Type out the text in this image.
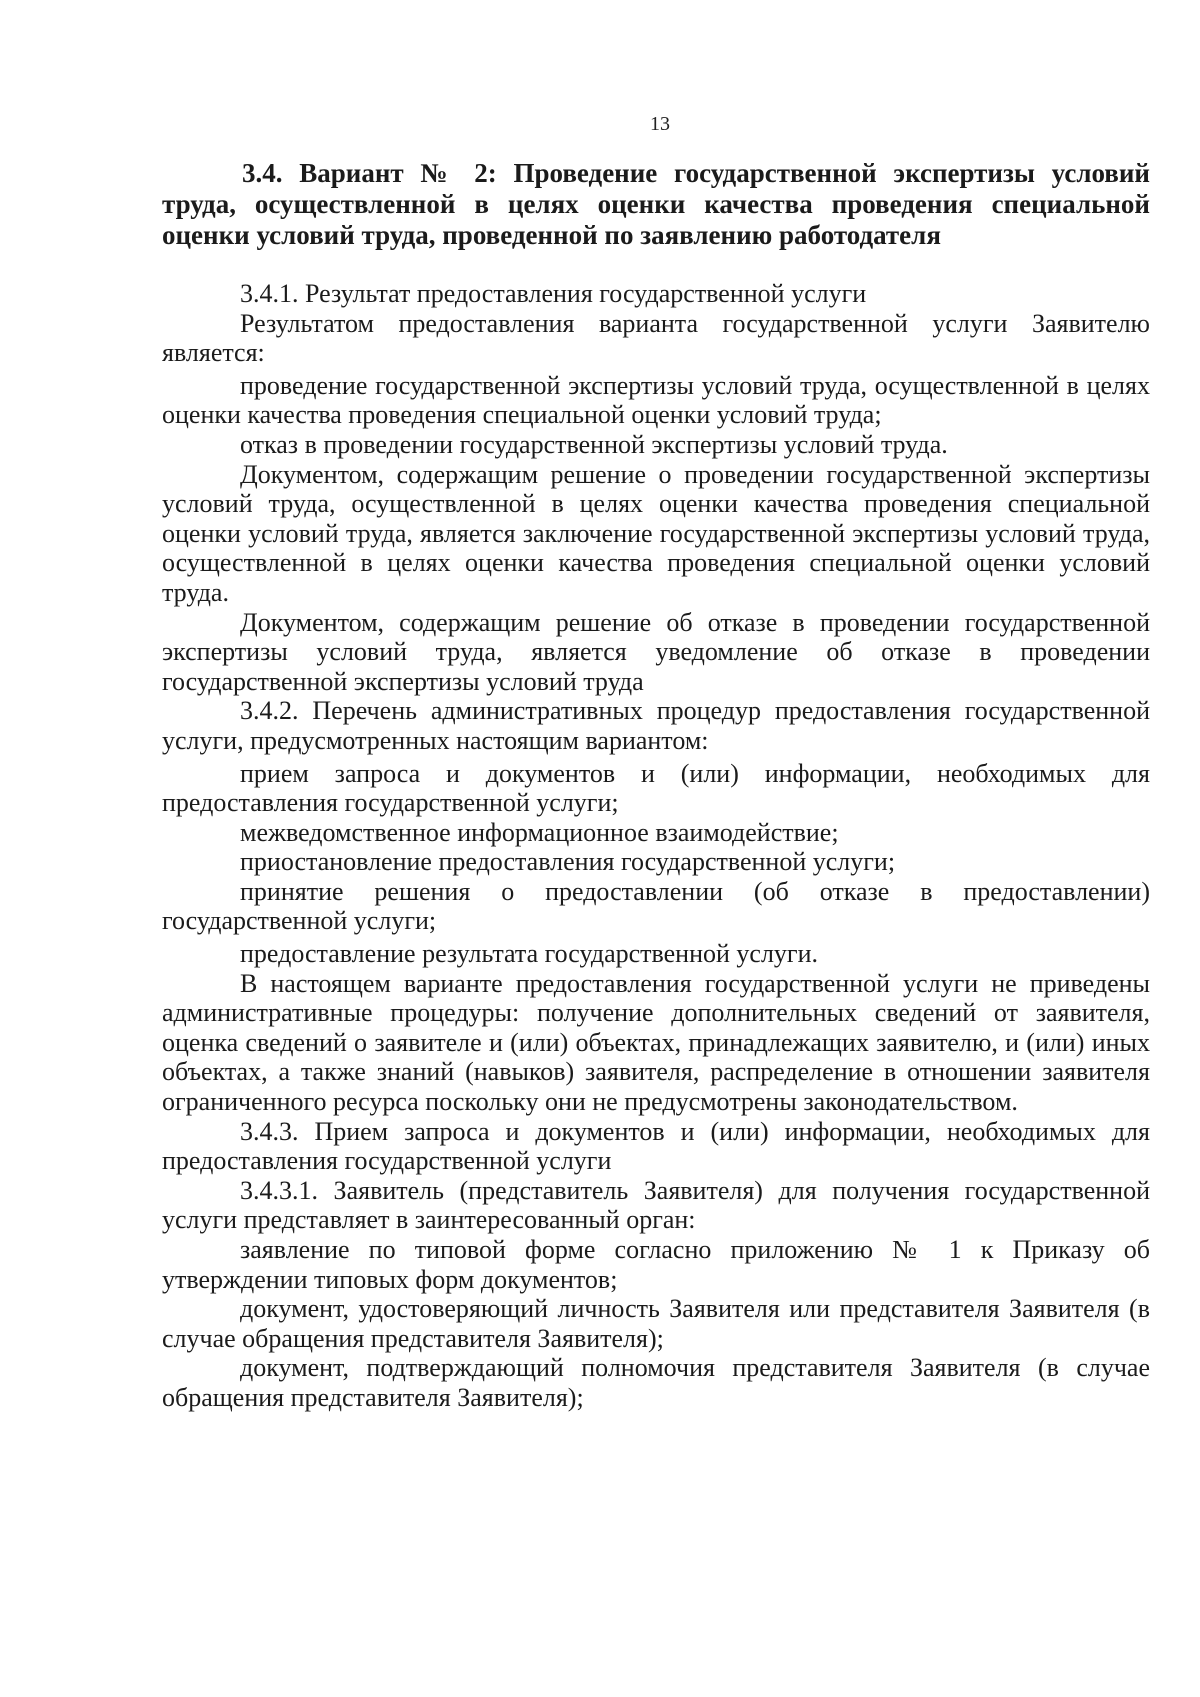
13

3.4. Вариант № 2: Проведение государственной экспертизы условий труда, осуществленной в целях оценки качества проведения специальной оценки условий труда, проведенной по заявлению работодателя

3.4.1. Результат предоставления государственной услуги

Результатом предоставления варианта государственной услуги Заявителю является:

проведение государственной экспертизы условий труда, осуществленной в целях оценки качества проведения специальной оценки условий труда;

отказ в проведении государственной экспертизы условий труда.

Документом, содержащим решение о проведении государственной экспертизы условий труда, осуществленной в целях оценки качества проведения специальной оценки условий труда, является заключение государственной экспертизы условий труда, осуществленной в целях оценки качества проведения специальной оценки условий труда.

Документом, содержащим решение об отказе в проведении государственной экспертизы условий труда, является уведомление об отказе в проведении государственной экспертизы условий труда

3.4.2. Перечень административных процедур предоставления государственной услуги, предусмотренных настоящим вариантом:

прием запроса и документов и (или) информации, необходимых для предоставления государственной услуги;

межведомственное информационное взаимодействие;

приостановление предоставления государственной услуги;

принятие решения о предоставлении (об отказе в предоставлении) государственной услуги;

предоставление результата государственной услуги.

В настоящем варианте предоставления государственной услуги не приведены административные процедуры: получение дополнительных сведений от заявителя, оценка сведений о заявителе и (или) объектах, принадлежащих заявителю, и (или) иных объектах, а также знаний (навыков) заявителя, распределение в отношении заявителя ограниченного ресурса поскольку они не предусмотрены законодательством.

3.4.3. Прием запроса и документов и (или) информации, необходимых для предоставления государственной услуги

3.4.3.1. Заявитель (представитель Заявителя) для получения государственной услуги представляет в заинтересованный орган:

заявление по типовой форме согласно приложению № 1 к Приказу об утверждении типовых форм документов;

документ, удостоверяющий личность Заявителя или представителя Заявителя (в случае обращения представителя Заявителя);

документ, подтверждающий полномочия представителя Заявителя (в случае обращения представителя Заявителя);
